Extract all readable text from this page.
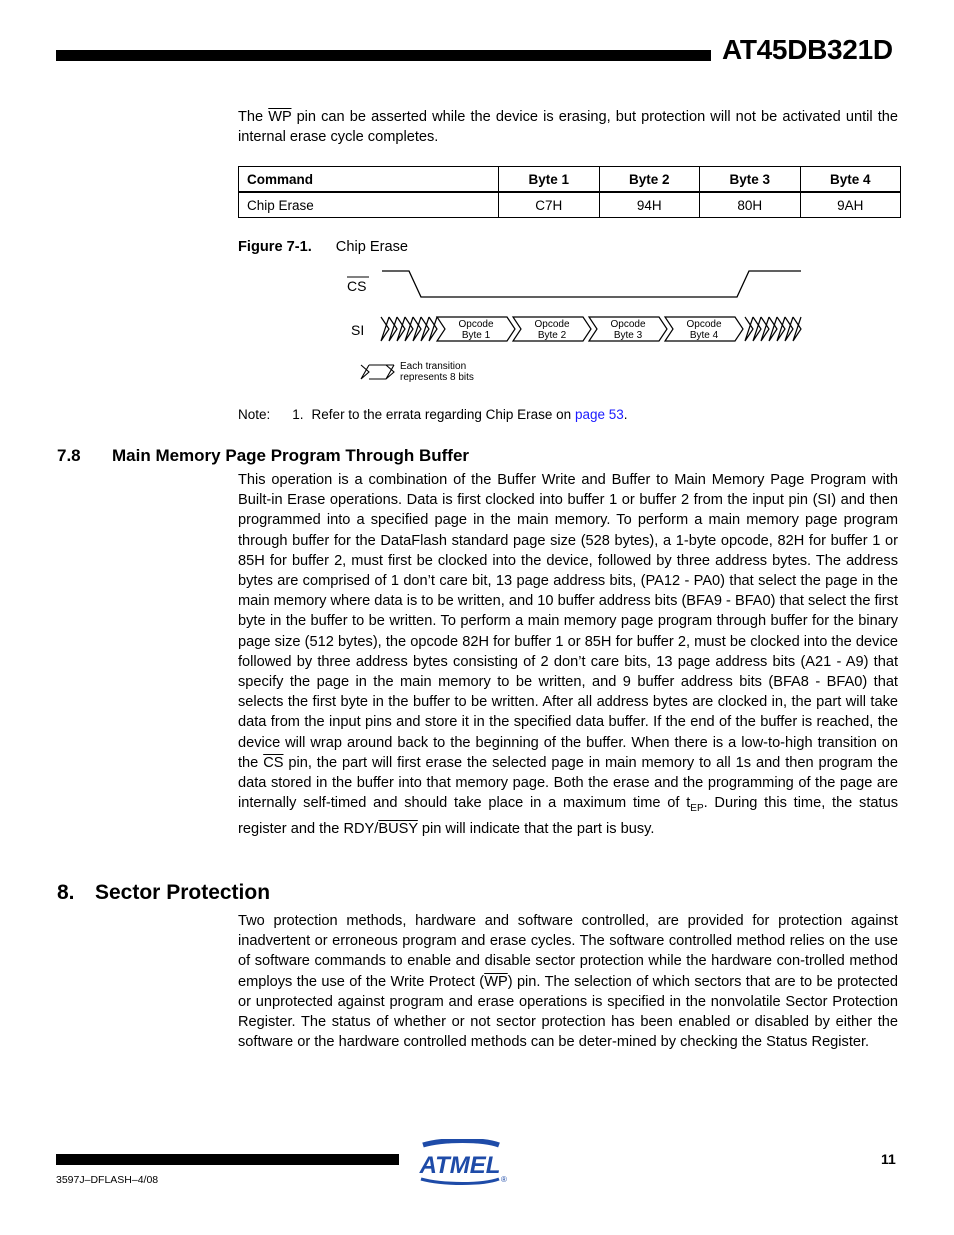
AT45DB321D
The $\overline{WP}$ pin can be asserted while the device is erasing, but protection will not be activated until the internal erase cycle completes.
Command	Byte 1	Byte 2	Byte 3	Byte 4
Chip Erase	C7H	94H	80H	9AH
Figure 7-1. Chip Erase
CS
SI	Opcode
Byte 1
Opcode
Byte 2
Opcode
Byte 3
Opcode
Byte 4
Each transition
represents 8 bits
Note: 1. Refer to the errata regarding Chip Erase on page 53.
7.8 Main Memory Page Program Through Buffer
This operation is a combination of the Buffer Write and Buffer to Main Memory Page Program with Built-in Erase operations. Data is first clocked into buffer 1 or buffer 2 from the input pin (SI) and then programmed into a specified page in the main memory. To perform a main memory page program through buffer for the DataFlash standard page size (528 bytes), a 1-byte opcode, 82H for buffer 1 or 85H for buffer 2, must first be clocked into the device, followed by three address bytes. The address bytes are comprised of 1 don’t care bit, 13 page address bits, (PA12 - PA0) that select the page in the main memory where data is to be written, and 10 buffer address bits (BFA9 - BFA0) that select the first byte in the buffer to be written. To perform a main memory page program through buffer for the binary page size (512 bytes), the opcode 82H for buffer 1 or 85H for buffer 2, must be clocked into the device followed by three address bytes consisting of 2 don’t care bits, 13 page address bits (A21 - A9) that specify the page in the main memory to be written, and 9 buffer address bits (BFA8 - BFA0) that selects the first byte in the buffer to be written. After all address bytes are clocked in, the part will take data from the input pins and store it in the specified data buffer. If the end of the buffer is reached, the device will wrap around back to the beginning of the buffer. When there is a low-to-high transition on the $\overline{CS}$ pin, the part will first erase the selected page in main memory to all 1s and then program the data stored in the buffer into that memory page. Both the erase and the programming of the page are internally self-timed and should take place in a maximum time of $t_{EP}$. During this time, the status register and the RDY/BUSY pin will indicate that the part is busy.
8. Sector Protection
Two protection methods, hardware and software controlled, are provided for protection against inadvertent or erroneous program and erase cycles. The software controlled method relies on the use of software commands to enable and disable sector protection while the hardware con-trolled method employs the use of the Write Protect $(\overline{WP})$ pin. The selection of which sectors that are to be protected or unprotected against program and erase operations is specified in the nonvolatile Sector Protection Register. The status of whether or not sector protection has been enabled or disabled by either the software or the hardware controlled methods can be deter-mined by checking the Status Register.
ATMEL
®
11
3597J–DFLASH–4/08
